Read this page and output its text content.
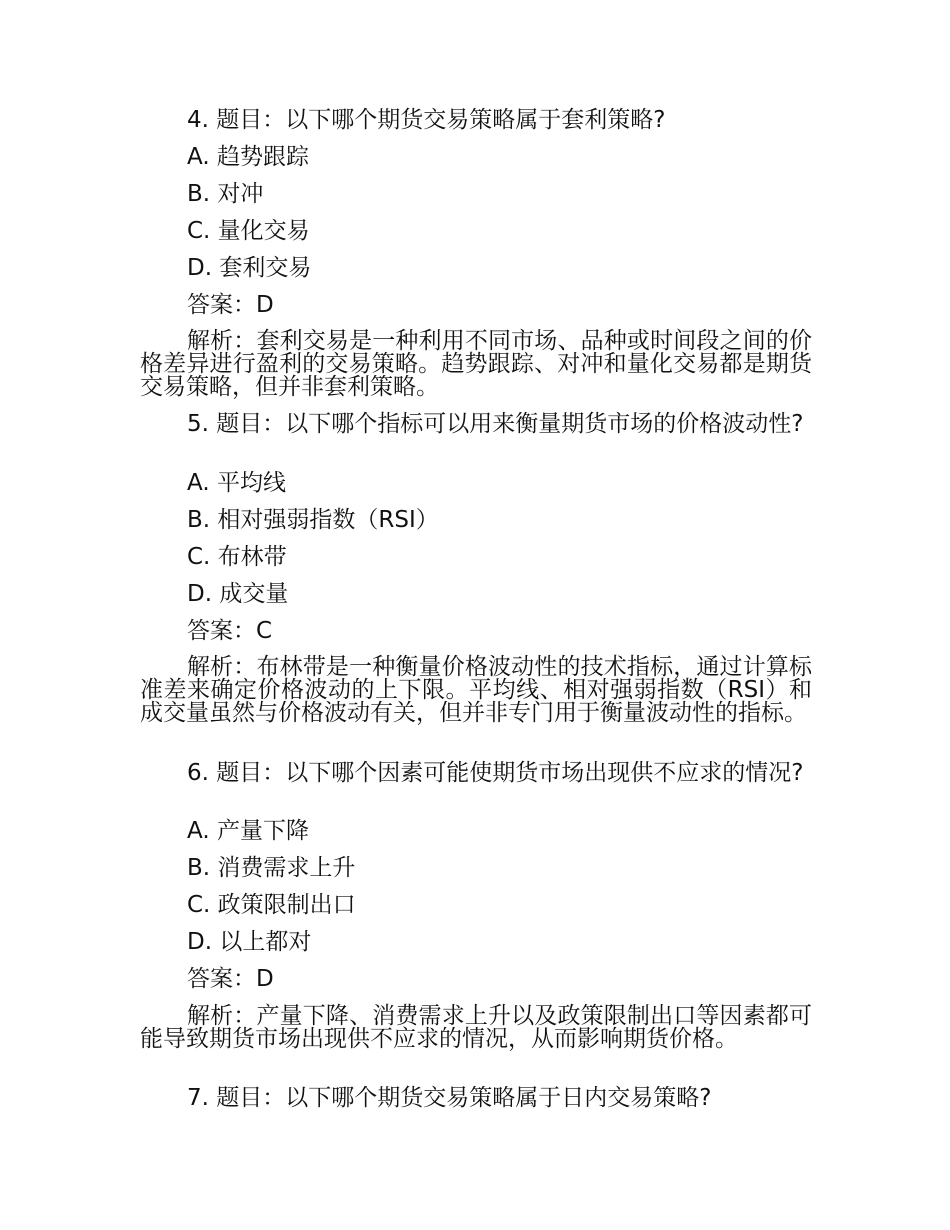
4. 题目：以下哪个期货交易策略属于套利策略?
A. 趋势跟踪
B. 对冲
C. 量化交易
D. 套利交易
答案：D
解析：套利交易是一种利用不同市场、品种或时间段之间的价格差异进行盈利的交易策略。趋势跟踪、对冲和量化交易都是期货交易策略，但并非套利策略。
5. 题目：以下哪个指标可以用来衡量期货市场的价格波动性?
A. 平均线
B. 相对强弱指数（RSI）
C. 布林带
D. 成交量
答案：C
解析：布林带是一种衡量价格波动性的技术指标，通过计算标准差来确定价格波动的上下限。平均线、相对强弱指数（RSI）和成交量虽然与价格波动有关，但并非专门用于衡量波动性的指标。
6. 题目：以下哪个因素可能使期货市场出现供不应求的情况?
A. 产量下降
B. 消费需求上升
C. 政策限制出口
D. 以上都对
答案：D
解析：产量下降、消费需求上升以及政策限制出口等因素都可能导致期货市场出现供不应求的情况，从而影响期货价格。
7. 题目：以下哪个期货交易策略属于日内交易策略?
